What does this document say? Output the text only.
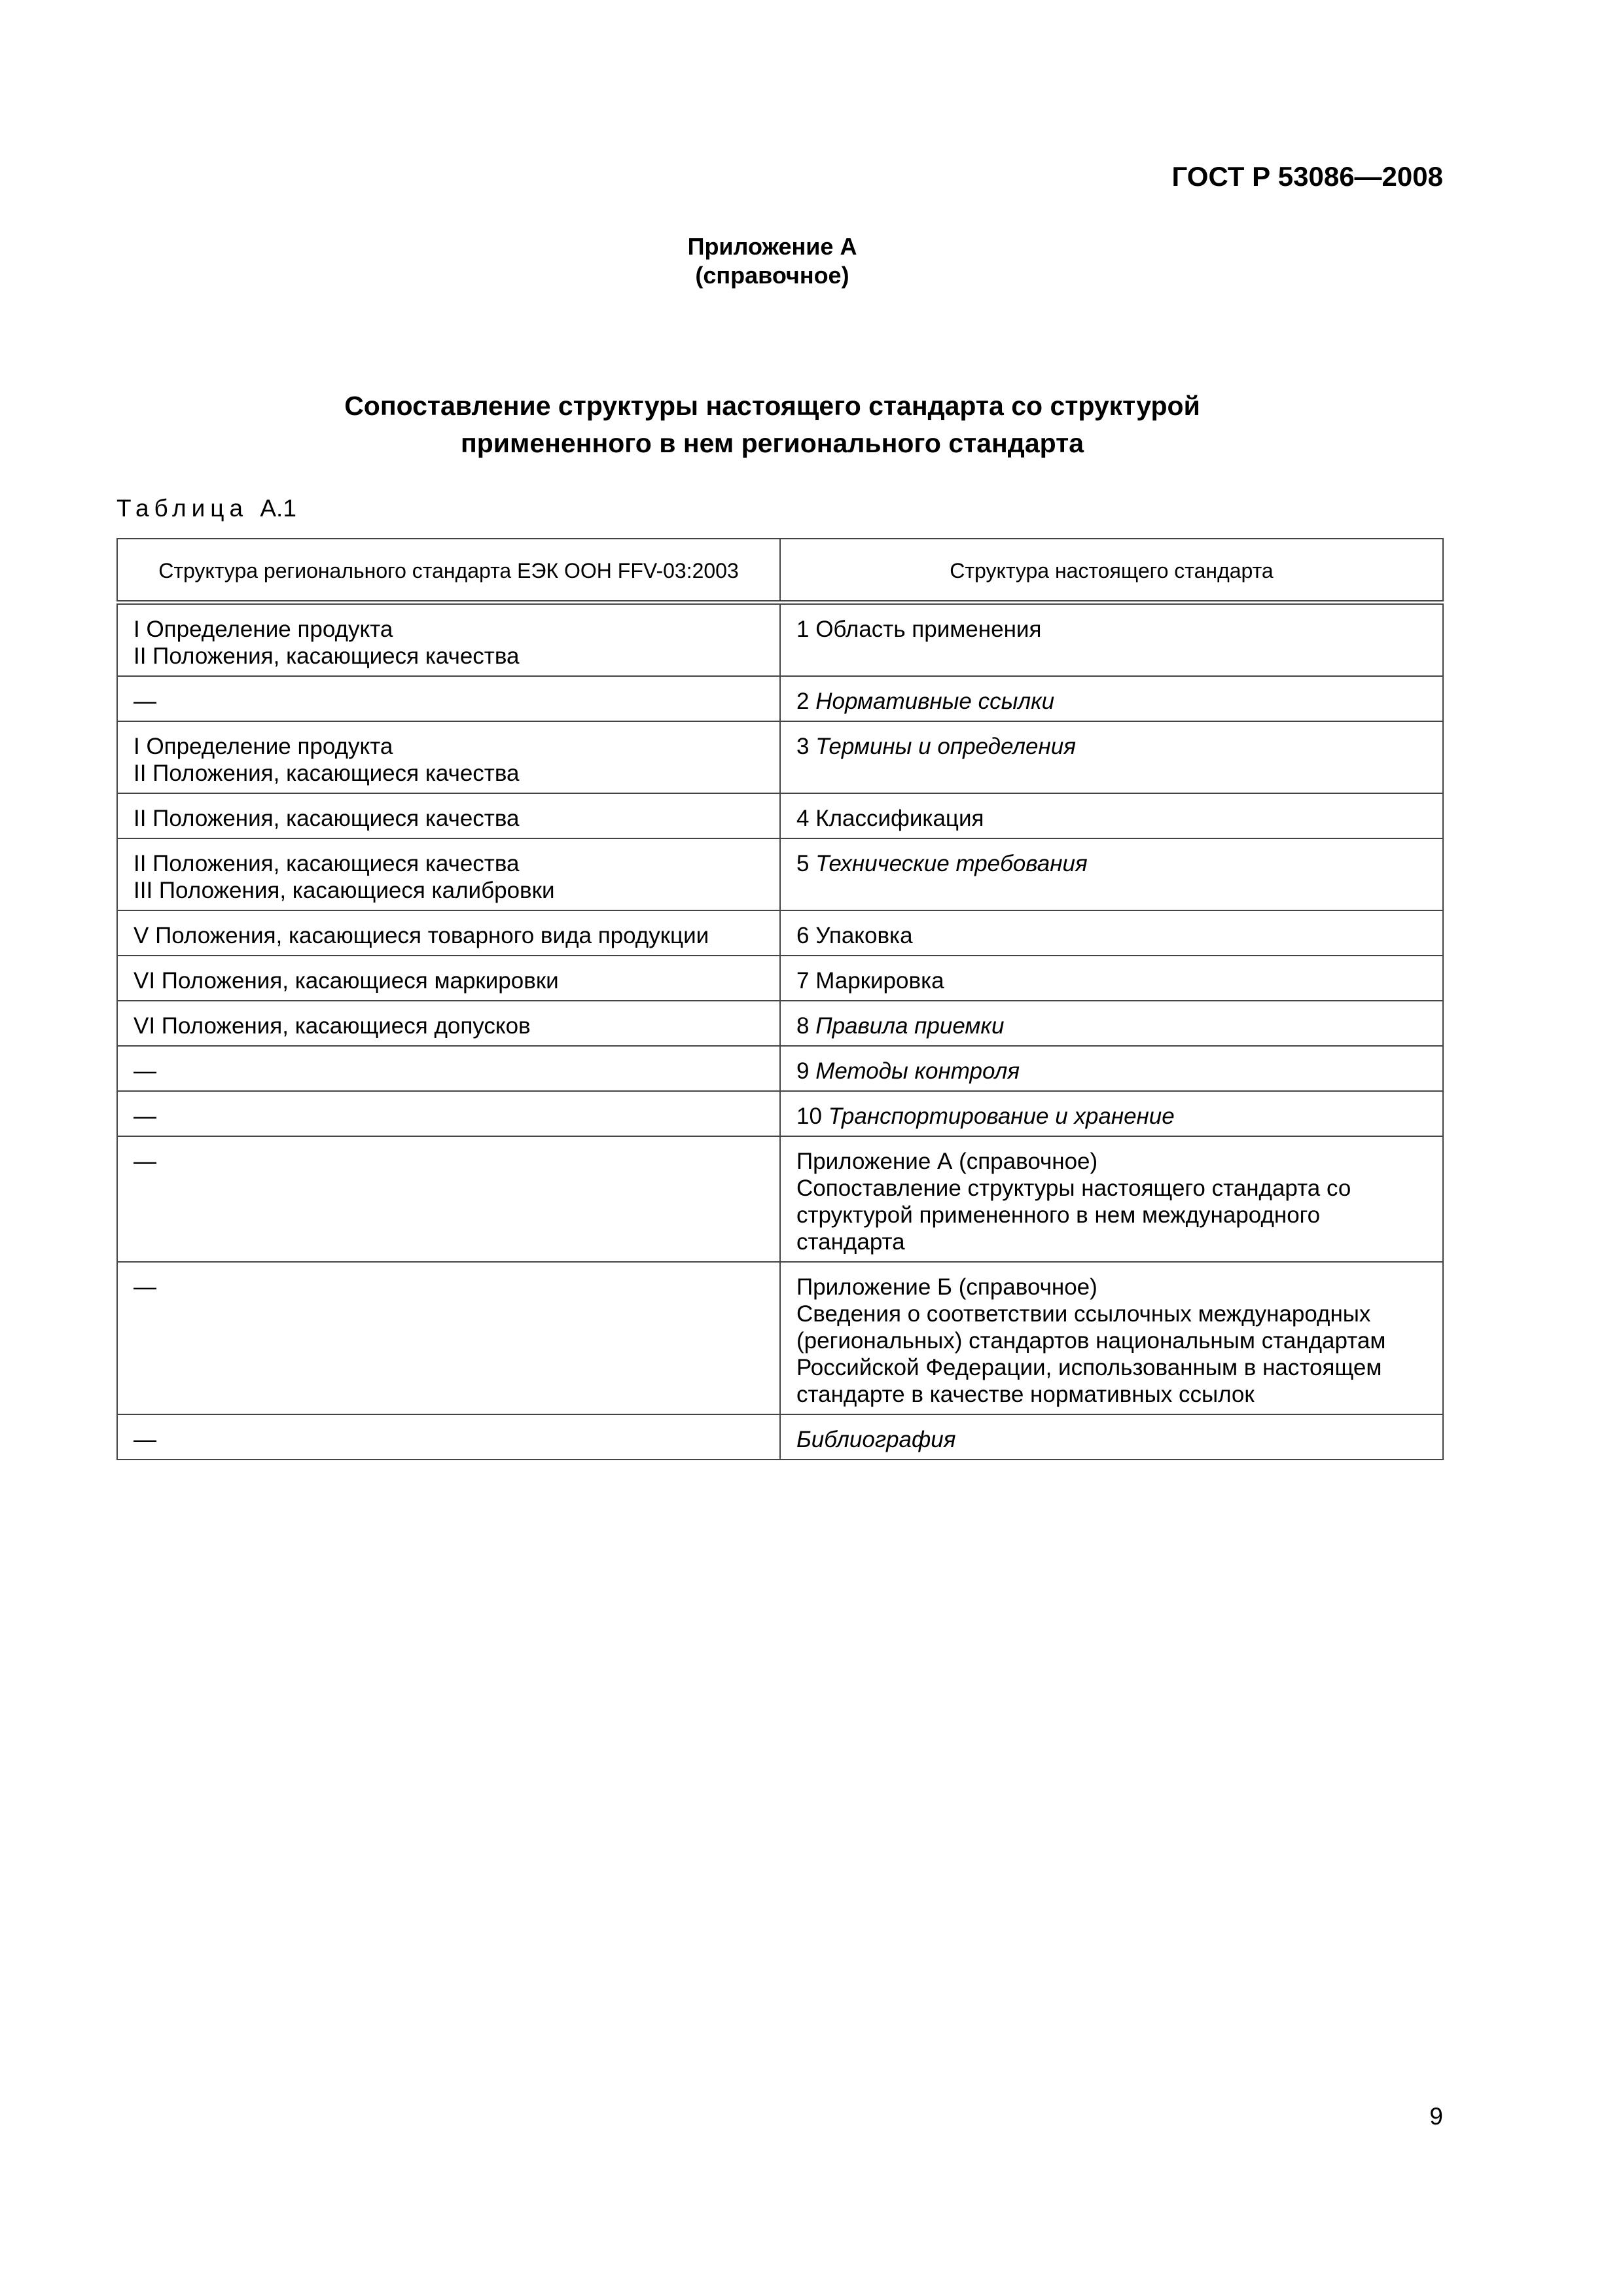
ГОСТ Р 53086—2008
Приложение А
(справочное)
Сопоставление структуры настоящего стандарта со структурой
примененного в нем регионального стандарта
Таблица А.1
Структура регионального стандарта ЕЭК ООН FFV-03:2003	Структура настоящего стандарта

I Определение продукта
II Положения, касающиеся качества	1 Область применения
—	2 Нормативные ссылки

I Определение продукта
II Положения, касающиеся качества	3 Термины и определения
II Положения, касающиеся качества	4 Классификация

II Положения, касающиеся качества
III Положения, касающиеся калибровки	5 Технические требования
V Положения, касающиеся товарного вида продукции	6 Упаковка
VI Положения, касающиеся маркировки	7 Маркировка
VI Положения, касающиеся допусков	8 Правила приемки
—	9 Методы контроля
—	10 Транспортирование и хранение
—	Приложение А (справочное)
Сопоставление структуры настоящего стандарта со структурой примененного в нем международного стандарта

—	Приложение Б (справочное)
Сведения о соответствии ссылочных международных (региональных) стандартов национальным стандартам Российской Федерации, использованным в настоящем стандарте в качестве нормативных ссылок

—	Библиография
9
